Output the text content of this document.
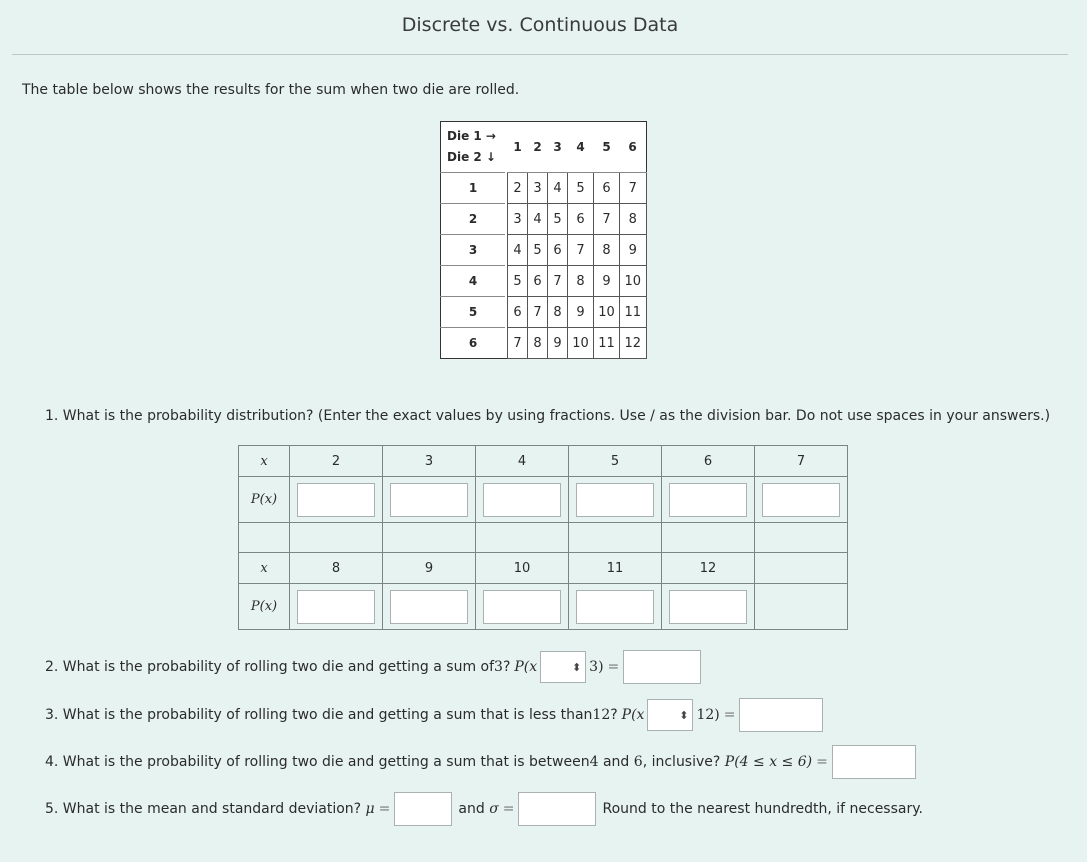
Discrete vs. Continuous Data
The table below shows the results for the sum when two die are rolled.
Die 1 →
Die 2 ↓		1	2	3	4	5	6
1		2	3	4	5	6	7
2		3	4	5	6	7	8
3		4	5	6	7	8	9
4		5	6	7	8	9	10
5		6	7	8	9	10	11
6		7	8	9	10	11	12
1. What is the probability distribution? (Enter the exact values by using fractions. Use / as the division bar. Do not use spaces in your answers.)
x	2	3	4	5	6	7
P(x)						

x	8	9	10	11	12	
P(x)						
2. What is the probability of rolling two die and getting a sum of 3 ? P(x	⬍ 3) =
3. What is the probability of rolling two die and getting a sum that is less than 12 ? P(x	⬍ 12) =
4. What is the probability of rolling two die and getting a sum that is between 4 and 6 , inclusive? P(4 ≤ x ≤ 6) =
5. What is the mean and standard deviation? μ =	and σ =	Round to the nearest hundredth, if necessary.
